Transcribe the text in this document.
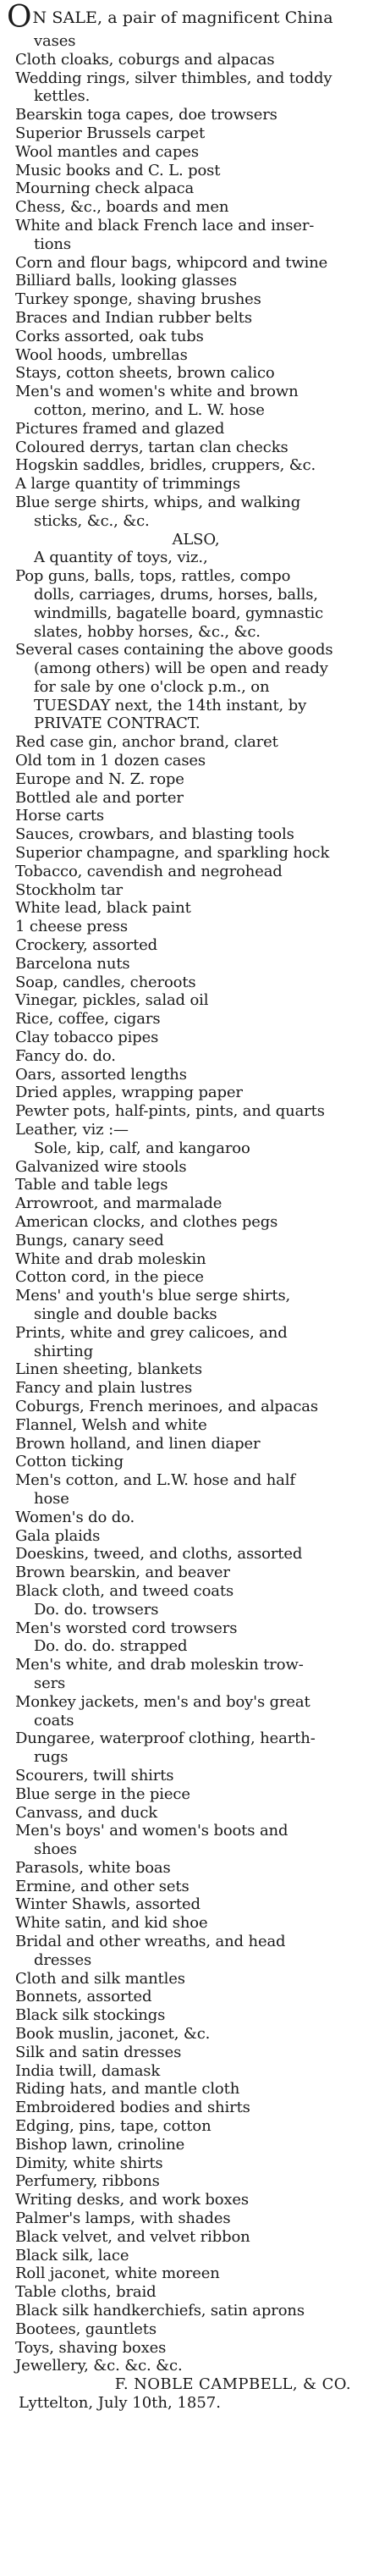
ON SALE, a pair of magnificent China
vases
Cloth cloaks, coburgs and alpacas
Wedding rings, silver thimbles, and toddy
kettles.
Bearskin toga capes, doe trowsers
Superior Brussels carpet
Wool mantles and capes
Music books and C. L. post
Mourning check alpaca
Chess, &c., boards and men
White and black French lace and inser-
tions
Corn and flour bags, whipcord and twine
Billiard balls, looking glasses
Turkey sponge, shaving brushes
Braces and Indian rubber belts
Corks assorted, oak tubs
Wool hoods, umbrellas
Stays, cotton sheets, brown calico
Men's and women's white and brown
cotton, merino, and L. W. hose
Pictures framed and glazed
Coloured derrys, tartan clan checks
Hogskin saddles, bridles, cruppers, &c.
A large quantity of trimmings
Blue serge shirts, whips, and walking
sticks, &c., &c.
ALSO,
A quantity of toys, viz.,
Pop guns, balls, tops, rattles, compo
dolls, carriages, drums, horses, balls,
windmills, bagatelle board, gymnastic
slates, hobby horses, &c., &c.
Several cases containing the above goods
(among others) will be open and ready
for sale by one o'clock p.m., on
TUESDAY next, the 14th instant, by
PRIVATE CONTRACT.
Red case gin, anchor brand, claret
Old tom in 1 dozen cases
Europe and N. Z. rope
Bottled ale and porter
Horse carts
Sauces, crowbars, and blasting tools
Superior champagne, and sparkling hock
Tobacco, cavendish and negrohead
Stockholm tar
White lead, black paint
1 cheese press
Crockery, assorted
Barcelona nuts
Soap, candles, cheroots
Vinegar, pickles, salad oil
Rice, coffee, cigars
Clay tobacco pipes
Fancy do. do.
Oars, assorted lengths
Dried apples, wrapping paper
Pewter pots, half-pints, pints, and quarts
Leather, viz :—
Sole, kip, calf, and kangaroo
Galvanized wire stools
Table and table legs
Arrowroot, and marmalade
American clocks, and clothes pegs
Bungs, canary seed
White and drab moleskin
Cotton cord, in the piece
Mens' and youth's blue serge shirts,
single and double backs
Prints, white and grey calicoes, and
shirting
Linen sheeting, blankets
Fancy and plain lustres
Coburgs, French merinoes, and alpacas
Flannel, Welsh and white
Brown holland, and linen diaper
Cotton ticking
Men's cotton, and L.W. hose and half
hose
Women's do do.
Gala plaids
Doeskins, tweed, and cloths, assorted
Brown bearskin, and beaver
Black cloth, and tweed coats
Do. do. trowsers
Men's worsted cord trowsers
Do. do. do. strapped
Men's white, and drab moleskin trow-
sers
Monkey jackets, men's and boy's great
coats
Dungaree, waterproof clothing, hearth-
rugs
Scourers, twill shirts
Blue serge in the piece
Canvass, and duck
Men's boys' and women's boots and
shoes
Parasols, white boas
Ermine, and other sets
Winter Shawls, assorted
White satin, and kid shoe
Bridal and other wreaths, and head
dresses
Cloth and silk mantles
Bonnets, assorted
Black silk stockings
Book muslin, jaconet, &c.
Silk and satin dresses
India twill, damask
Riding hats, and mantle cloth
Embroidered bodies and shirts
Edging, pins, tape, cotton
Bishop lawn, crinoline
Dimity, white shirts
Perfumery, ribbons
Writing desks, and work boxes
Palmer's lamps, with shades
Black velvet, and velvet ribbon
Black silk, lace
Roll jaconet, white moreen
Table cloths, braid
Black silk handkerchiefs, satin aprons
Bootees, gauntlets
Toys, shaving boxes
Jewellery, &c. &c. &c.
F. NOBLE CAMPBELL, & CO.
Lyttelton, July 10th, 1857.
